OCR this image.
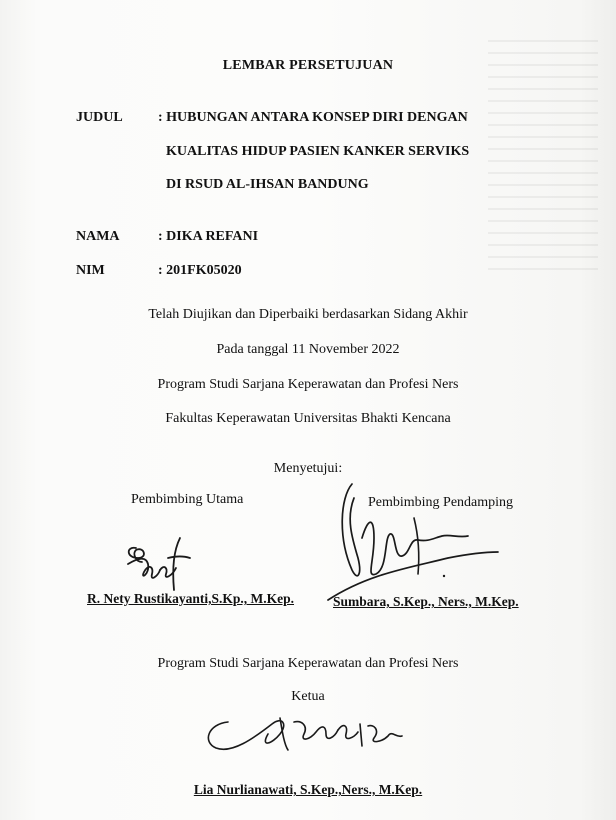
LEMBAR PERSETUJUAN
JUDUL	: HUBUNGAN ANTARA KONSEP DIRI DENGAN
KUALITAS HIDUP PASIEN KANKER SERVIKS
DI RSUD AL-IHSAN BANDUNG
NAMA	: DIKA REFANI
NIM	: 201FK05020
Telah Diujikan dan Diperbaiki berdasarkan Sidang Akhir
Pada tanggal 11 November 2022
Program Studi Sarjana Keperawatan dan Profesi Ners
Fakultas Keperawatan Universitas Bhakti Kencana
Menyetujui:
Pembimbing Utama	Pembimbing Pendamping
R. Nety Rustikayanti,S.Kp., M.Kep.	Sumbara, S.Kep., Ners., M.Kep.
Program Studi Sarjana Keperawatan dan Profesi Ners
Ketua
Lia Nurlianawati, S.Kep.,Ners., M.Kep.
